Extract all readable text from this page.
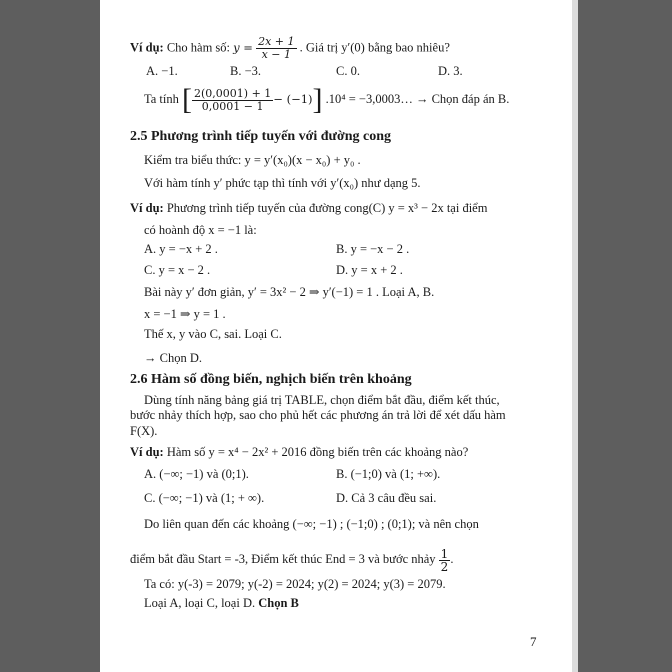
Ví dụ: Cho hàm số: $y = \frac{2x + 1}{x - 1}$ . Giá trị y′(0) bằng bao nhiêu?
A. −1.	B. −3.	C. 0.	D. 3.
Ta tính [ $\frac{2(0,0001) + 1}{0,0001 - 1} - (-1)$] .10⁴ = −3,0003… → Chọn đáp án B.
2.5 Phương trình tiếp tuyến với đường cong
Kiểm tra biểu thức: y = y′(x₀)(x − x₀) + y₀ .
Với hàm tính y′ phức tạp thì tính với y′(x₀) như dạng 5.
Ví dụ: Phương trình tiếp tuyến của đường cong(C) y = x³ − 2x tại điểm
có hoành độ x = −1 là:
A. y = −x + 2 .	B. y = −x − 2 .
C. y = x − 2 .	D. y = x + 2 .
Bài này y′ đơn giản, y′ = 3x² − 2 ⇒ y′(−1) = 1 . Loại A, B.
x = −1 ⇒ y = 1 .
Thế x, y vào C, sai. Loại C.
→ Chọn D.
2.6 Hàm số đồng biến, nghịch biến trên khoảng
Dùng tính năng bảng giá trị TABLE, chọn điểm bắt đầu, điểm kết thúc,
bước nhảy thích hợp, sao cho phủ hết các phương án trả lời để xét dấu hàm
F(X).
Ví dụ: Hàm số y = x⁴ − 2x² + 2016 đồng biến trên các khoảng nào?
A. (−∞; −1) và (0;1).	B. (−1;0) và (1; +∞).
C. (−∞; −1) và (1; + ∞).	D. Cả 3 câu đều sai.
Do liên quan đến các khoảng (−∞; −1) ; (−1;0) ; (0;1); và nên chọn
điểm bắt đầu Start = -3, Điểm kết thúc End = 3 và bước nhảy $\frac{1}{2}$ .
Ta có: y(-3) = 2079; y(-2) = 2024; y(2) = 2024; y(3) = 2079.
Loại A, loại C, loại D. Chọn B
7
